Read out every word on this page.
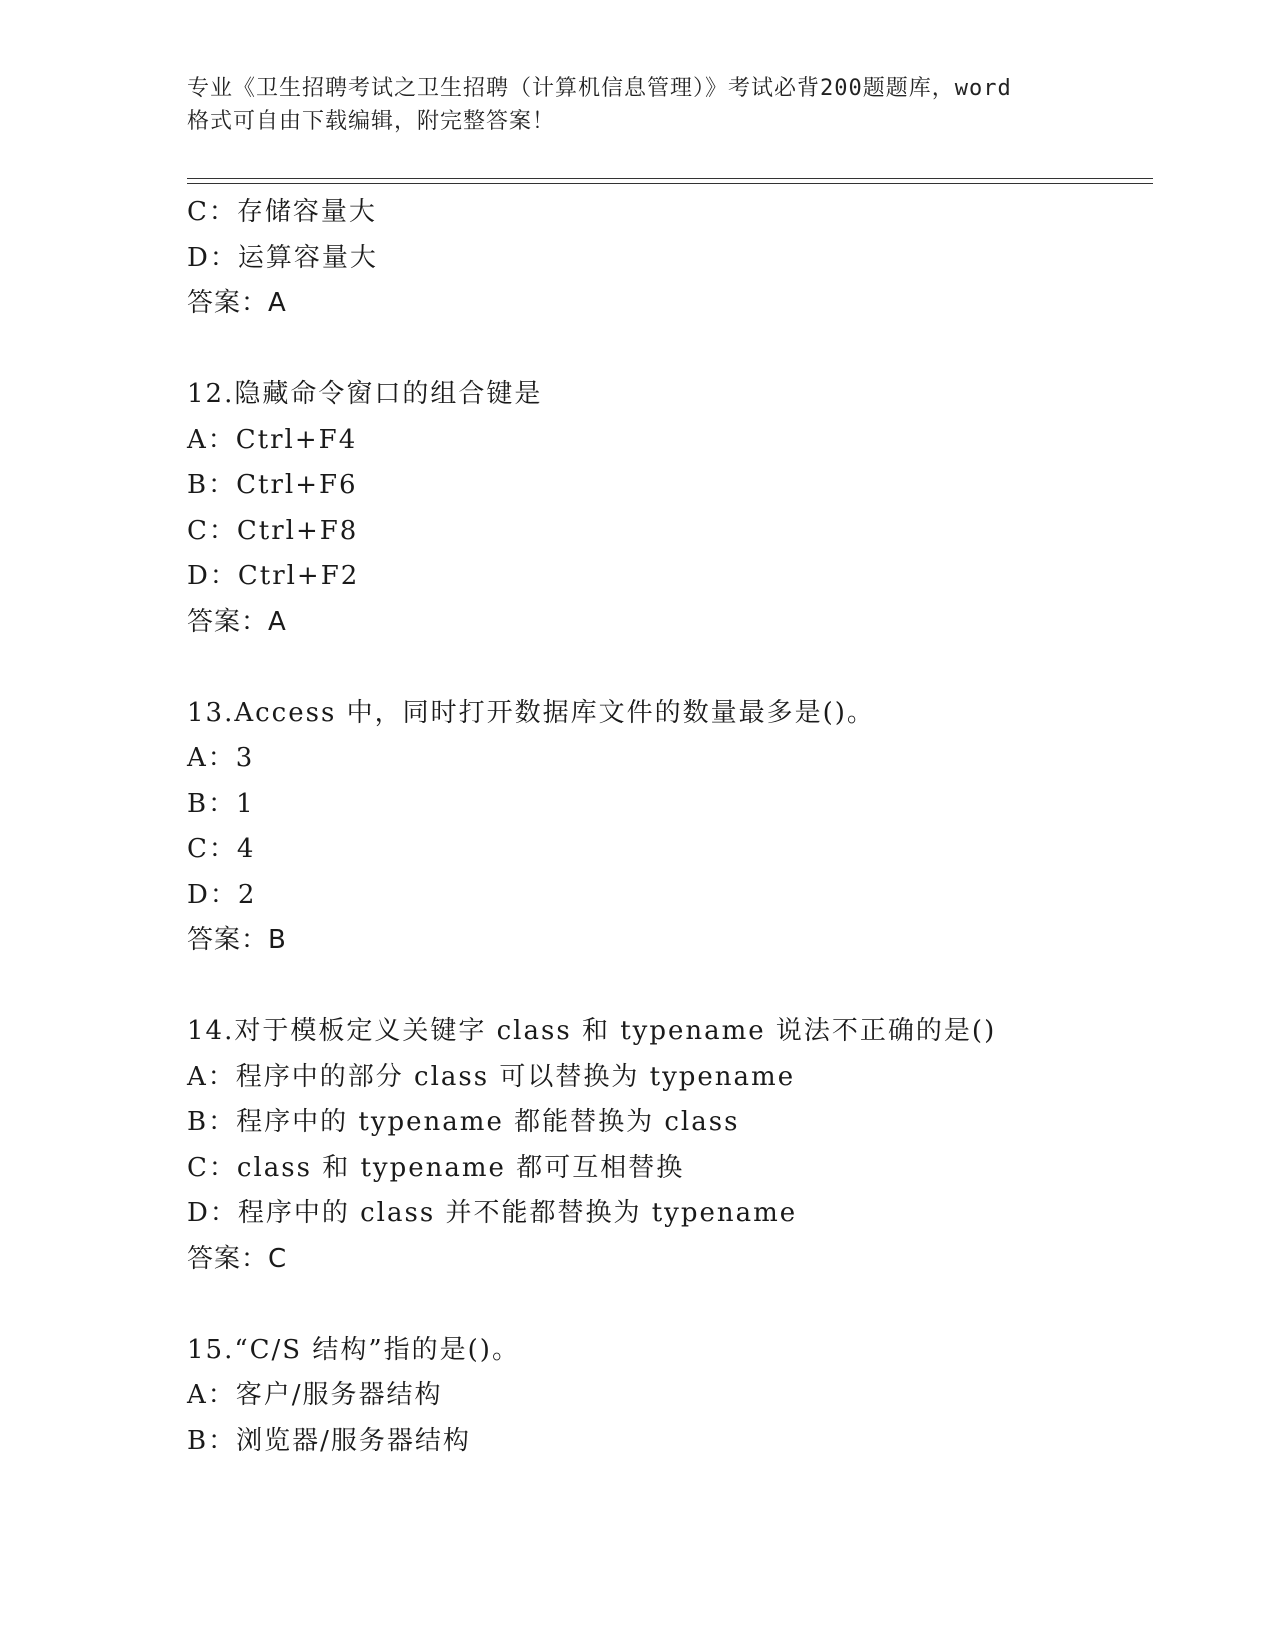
专业《卫生招聘考试之卫生招聘（计算机信息管理）》考试必背200题题库，word
格式可自由下载编辑，附完整答案！
C：存储容量大
D：运算容量大
答案：A
12.隐藏命令窗口的组合键是
A：Ctrl+F4
B：Ctrl+F6
C：Ctrl+F8
D：Ctrl+F2
答案：A
13.Access 中，同时打开数据库文件的数量最多是()。
A：3
B：1
C：4
D：2
答案：B
14.对于模板定义关键字 class 和 typename 说法不正确的是()
A：程序中的部分 class 可以替换为 typename
B：程序中的 typename 都能替换为 class
C：class 和 typename 都可互相替换
D：程序中的 class 并不能都替换为 typename
答案：C
15.“C/S 结构”指的是()。
A：客户/服务器结构
B：浏览器/服务器结构
